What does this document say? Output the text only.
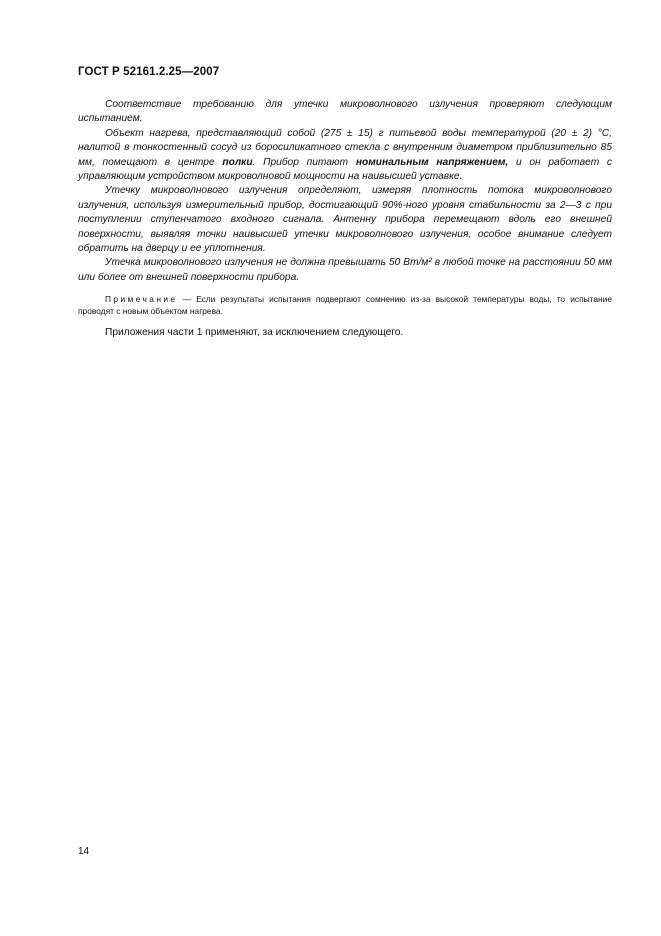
ГОСТ Р 52161.2.25—2007

Соответствие требованию для утечки микроволнового излучения проверяют следующим испытанием.

Объект нагрева, представляющий собой (275 ± 15) г питьевой воды температурой (20 ± 2) °С, налитой в тонкостенный сосуд из боросиликатного стекла с внутренним диаметром приблизительно 85 мм, помещают в центре полки. Прибор питают номинальным напряжением, и он работает с управляющим устройством микроволновой мощности на наивысшей уставке.

Утечку микроволнового излучения определяют, измеряя плотность потока микроволнового излучения, используя измерительный прибор, достигающий 90%-ного уровня стабильности за 2—3 с при поступлении ступенчатого входного сигнала. Антенну прибора перемещают вдоль его внешней поверхности, выявляя точки наивысшей утечки микроволнового излучения, особое внимание следует обратить на дверцу и ее уплотнения.

Утечка микроволнового излучения не должна превышать 50 Вт/м² в любой точке на расстоянии 50 мм или более от внешней поверхности прибора.

Примечание — Если результаты испытания подвергают сомнению из-за высокой температуры воды, то испытание проводят с новым объектом нагрева.

Приложения части 1 применяют, за исключением следующего.

14
